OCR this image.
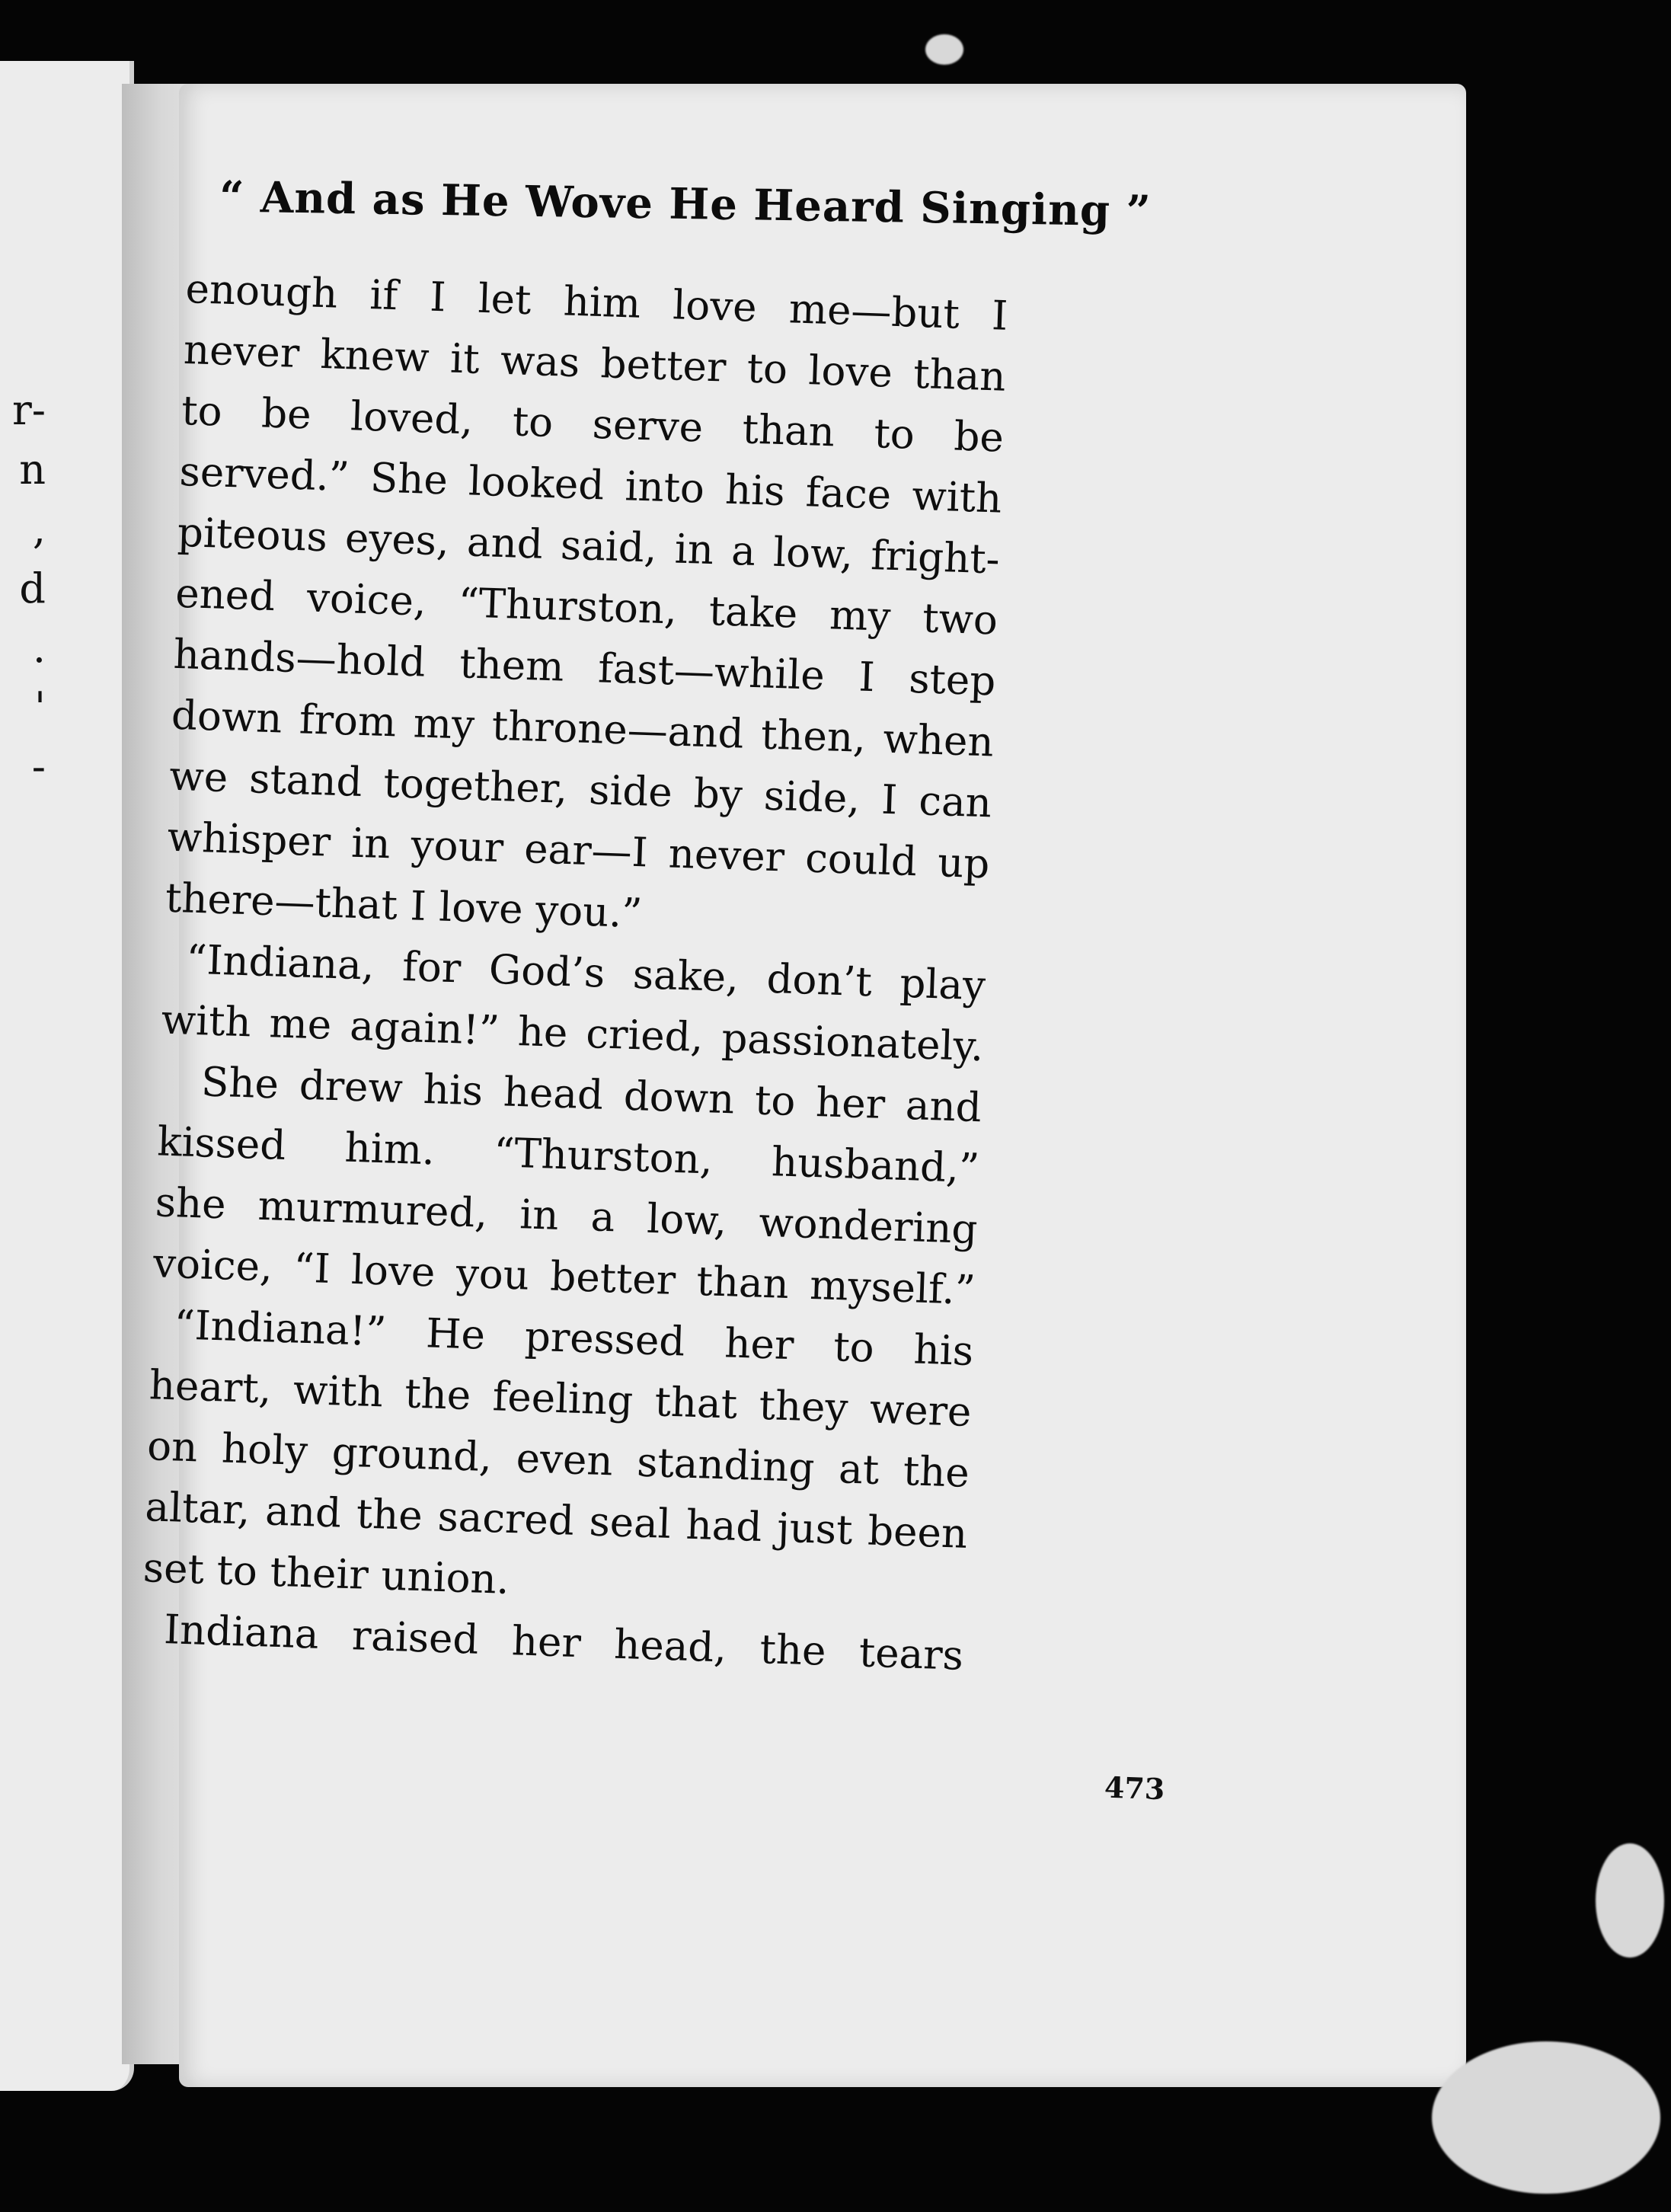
r-
n
,
d
.
'
-
“ And as He Wove He Heard Singing ”
enough if I let him love me—but I
never knew it was better to love than
to be loved, to serve than to be
served.” She looked into his face with
piteous eyes, and said, in a low, fright-
ened voice, “Thurston, take my two
hands—hold them fast—while I step
down from my throne—and then, when
we stand together, side by side, I can
whisper in your ear—I never could up
there—that I love you.”
“Indiana, for God’s sake, don’t play
with me again!” he cried, passionately.
She drew his head down to her and
kissed him. “Thurston, husband,”
she murmured, in a low, wondering
voice, “I love you better than myself.”
“Indiana!” He pressed her to his
heart, with the feeling that they were
on holy ground, even standing at the
altar, and the sacred seal had just been
set to their union.
Indiana raised her head, the tears
473
